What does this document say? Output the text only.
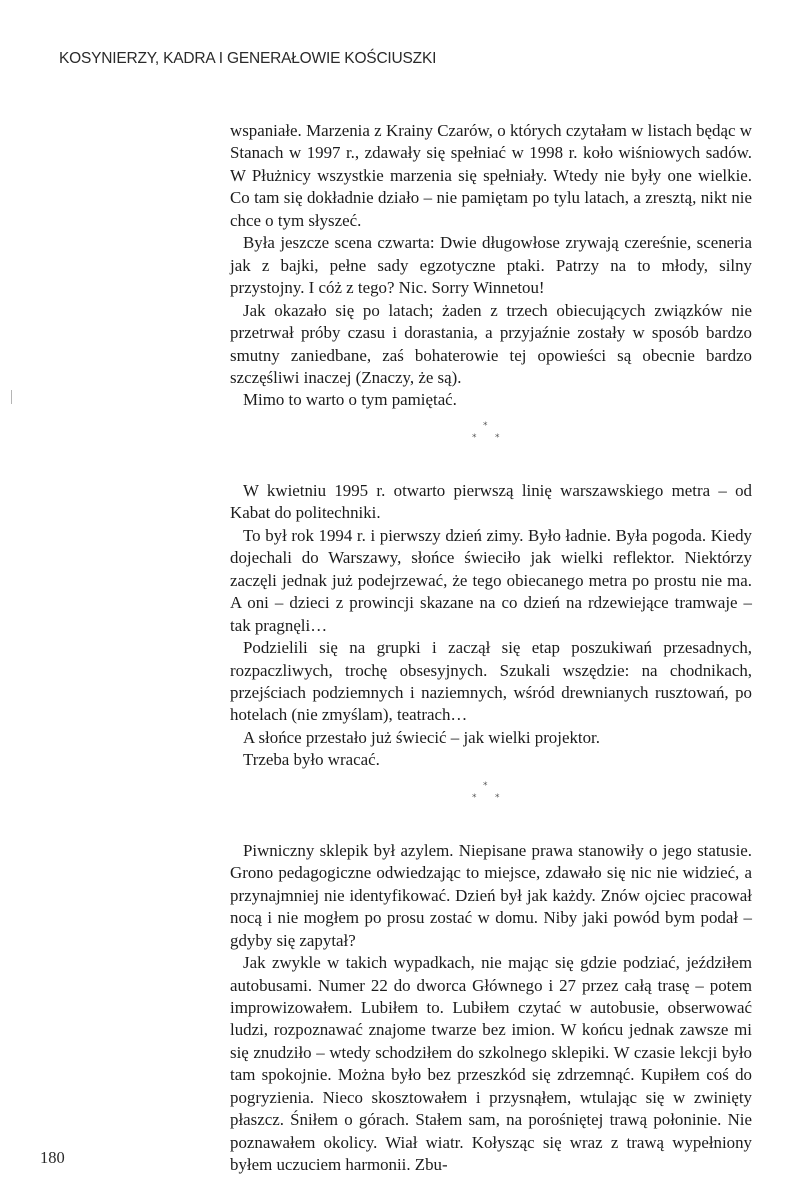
KOSYNIERZY, KADRA I GENERAŁOWIE KOŚCIUSZKI

wspaniałe. Marzenia z Krainy Czarów, o których czytałam w listach będąc w Stanach w 1997 r., zdawały się spełniać w 1998 r. koło wiśniowych sadów. W Płużnicy wszystkie marzenia się spełniały. Wtedy nie były one wielkie. Co tam się dokładnie działo – nie pamiętam po tylu latach, a zresztą, nikt nie chce o tym słyszeć.

Była jeszcze scena czwarta: Dwie długowłose zrywają czereśnie, sceneria jak z bajki, pełne sady egzotyczne ptaki. Patrzy na to młody, silny przystojny. I cóż z tego? Nic. Sorry Winnetou!

Jak okazało się po latach; żaden z trzech obiecujących związków nie przetrwał próby czasu i dorastania, a przyjaźnie zostały w sposób bardzo smutny zaniedbane, zaś bohaterowie tej opowieści są obecnie bardzo szczęśliwi inaczej (Znaczy, że są).

Mimo to warto o tym pamiętać.

*
* *

W kwietniu 1995 r. otwarto pierwszą linię warszawskiego metra – od Kabat do politechniki.

To był rok 1994 r. i pierwszy dzień zimy. Było ładnie. Była pogoda. Kiedy dojechali do Warszawy, słońce świeciło jak wielki reflektor. Niektórzy zaczęli jednak już podejrzewać, że tego obiecanego metra po prostu nie ma. A oni – dzieci z prowincji skazane na co dzień na rdzewiejące tramwaje – tak pragnęli…

Podzielili się na grupki i zaczął się etap poszukiwań przesadnych, rozpaczliwych, trochę obsesyjnych. Szukali wszędzie: na chodnikach, przejściach podziemnych i naziemnych, wśród drewnianych rusztowań, po hotelach (nie zmyślam), teatrach…

A słońce przestało już świecić – jak wielki projektor.

Trzeba było wracać.

*
* *

Piwniczny sklepik był azylem. Niepisane prawa stanowiły o jego statusie. Grono pedagogiczne odwiedzając to miejsce, zdawało się nic nie widzieć, a przynajmniej nie identyfikować. Dzień był jak każdy. Znów ojciec pracował nocą i nie mogłem po prosu zostać w domu. Niby jaki powód bym podał – gdyby się zapytał?

Jak zwykle w takich wypadkach, nie mając się gdzie podziać, jeździłem autobusami. Numer 22 do dworca Głównego i 27 przez całą trasę – potem improwizowałem. Lubiłem to. Lubiłem czytać w autobusie, obserwować ludzi, rozpoznawać znajome twarze bez imion. W końcu jednak zawsze mi się znudziło – wtedy schodziłem do szkolnego sklepiki. W czasie lekcji było tam spokojnie. Można było bez przeszkód się zdrzemnąć. Kupiłem coś do pogryzienia. Nieco skosztowałem i przysnąłem, wtulając się w zwinięty płaszcz. Śniłem o górach. Stałem sam, na porośniętej trawą połoninie. Nie poznawałem okolicy. Wiał wiatr. Kołysząc się wraz z trawą wypełniony byłem uczuciem harmonii. Zbu-

180
